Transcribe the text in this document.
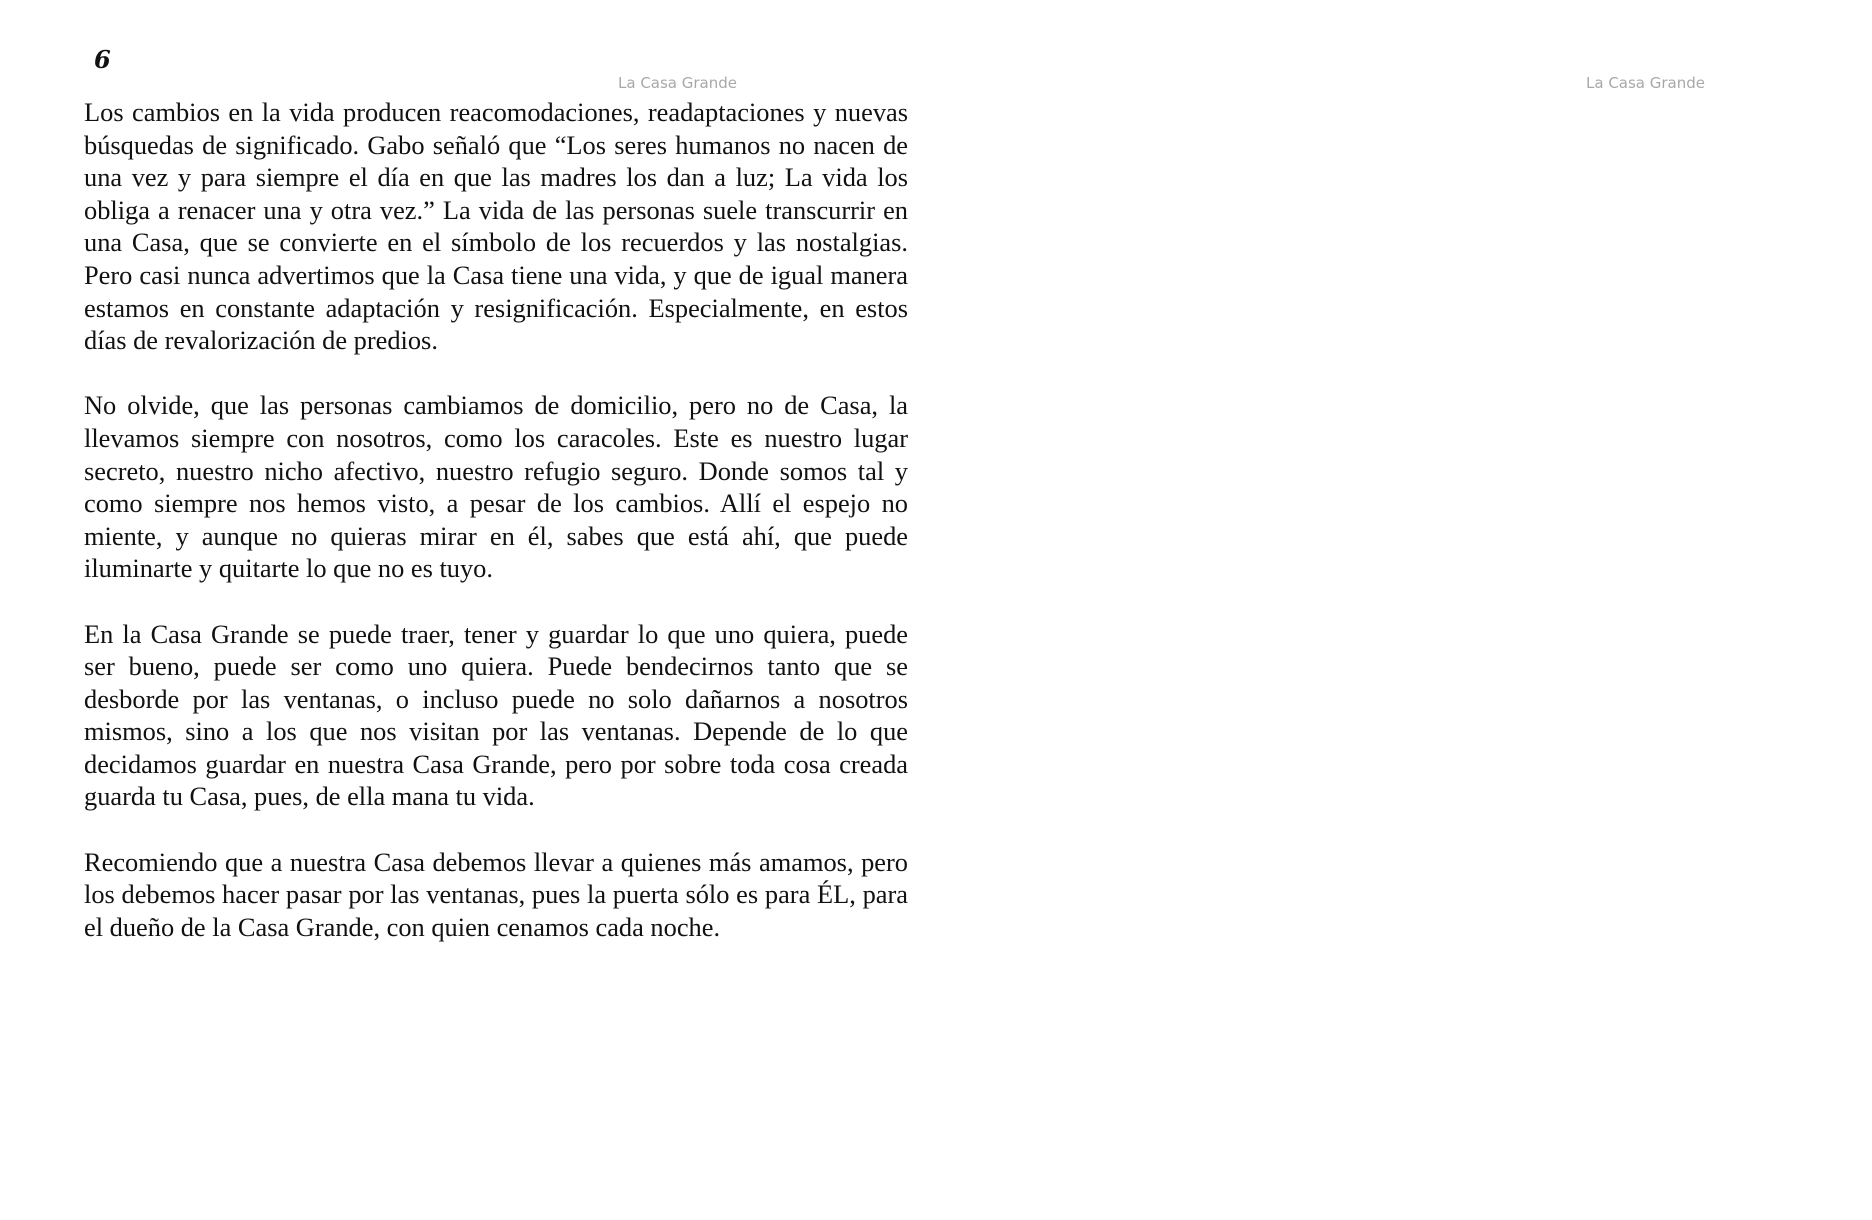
6
La Casa Grande	La Casa Grande

Los cambios en la vida producen reacomodaciones, readaptaciones y nuevas búsquedas de significado. Gabo señaló que “Los seres humanos no nacen de una vez y para siempre el día en que las madres los dan a luz; La vida los obliga a renacer una y otra vez.” La vida de las personas suele transcurrir en una Casa, que se convierte en el símbolo de los recuerdos y las nostalgias. Pero casi nunca advertimos que la Casa tiene una vida, y que de igual manera estamos en constante adaptación y resignificación. Especialmente, en estos días de revalorización de predios.

No olvide, que las personas cambiamos de domicilio, pero no de Casa, la llevamos siempre con nosotros, como los caracoles. Este es nuestro lugar secreto, nuestro nicho afectivo, nuestro refugio seguro. Donde somos tal y como siempre nos hemos visto, a pesar de los cambios. Allí el espejo no miente, y aunque no quieras mirar en él, sabes que está ahí, que puede iluminarte y quitarte lo que no es tuyo.

En la Casa Grande se puede traer, tener y guardar lo que uno quiera, puede ser bueno, puede ser como uno quiera. Puede bendecirnos tanto que se desborde por las ventanas, o incluso puede no solo dañarnos a nosotros mismos, sino a los que nos visitan por las ventanas. Depende de lo que decidamos guardar en nuestra Casa Grande, pero por sobre toda cosa creada guarda tu Casa, pues, de ella mana tu vida.

Recomiendo que a nuestra Casa debemos llevar a quienes más amamos, pero los debemos hacer pasar por las ventanas, pues la puerta sólo es para ÉL, para el dueño de la Casa Grande, con quien cenamos cada noche.
